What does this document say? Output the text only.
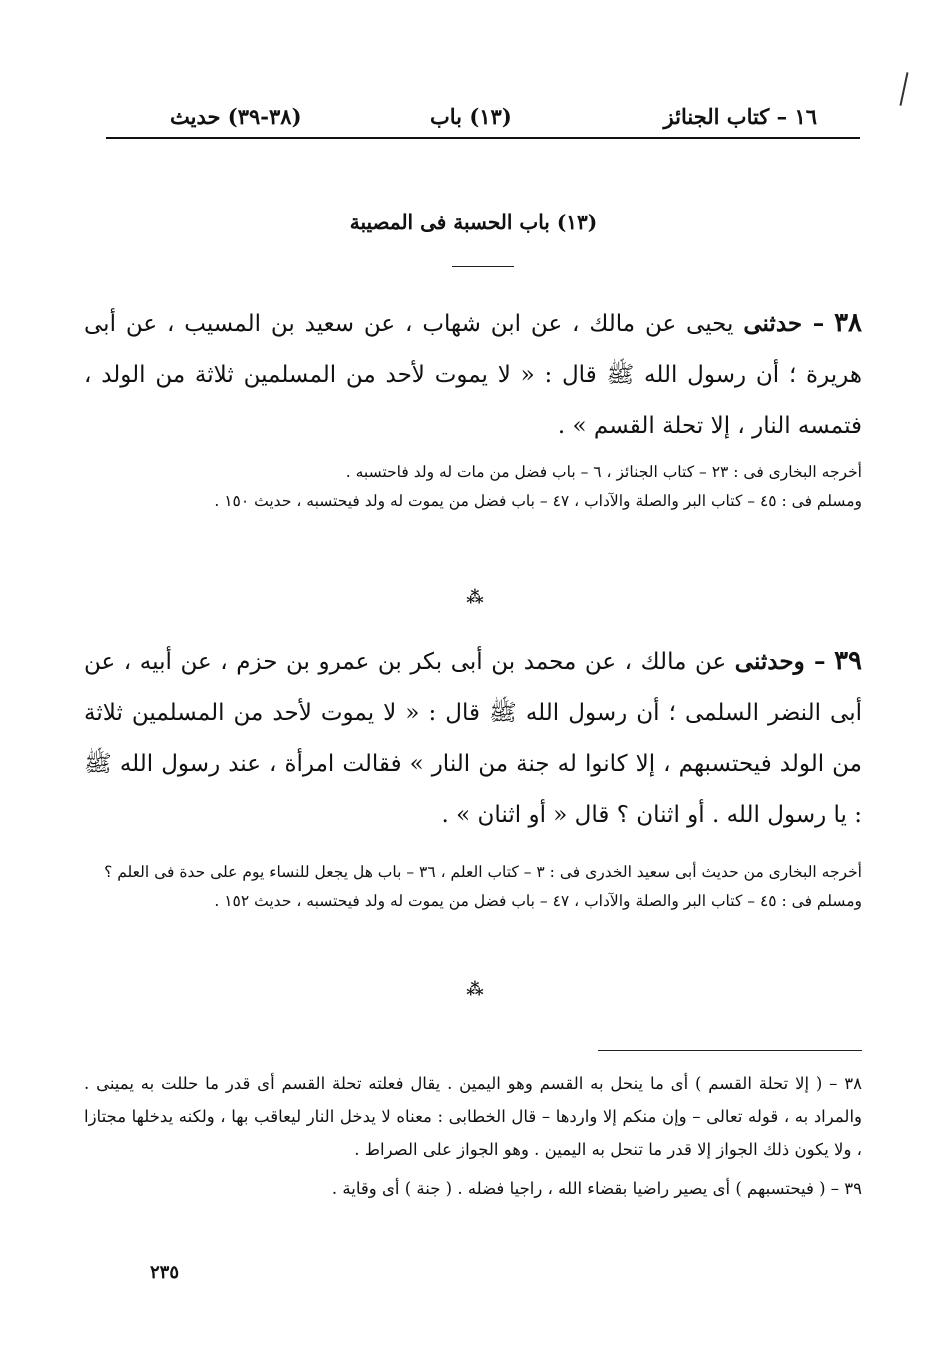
١٦ – كتاب الجنائز
(١٣) باب
(٣٨-٣٩) حديث
(١٣) باب الحسبة فى المصيبة
٣٨ – حدثنى يحيى عن مالك ، عن ابن شهاب ، عن سعيد بن المسيب ، عن أبى هريرة ؛ أن رسول الله ﷺ قال : « لا يموت لأحد من المسلمين ثلاثة من الولد ، فتمسه النار ، إلا تحلة القسم » .
أخرجه البخارى فى : ٢٣ – كتاب الجنائز ، ٦ – باب فضل من مات له ولد فاحتسبه .
ومسلم فى : ٤٥ – كتاب البر والصلة والآداب ، ٤٧ – باب فضل من يموت له ولد فيحتسبه ، حديث ١٥٠ .
⁂
٣٩ – وحدثنى عن مالك ، عن محمد بن أبى بكر بن عمرو بن حزم ، عن أبيه ، عن أبى النضر السلمى ؛ أن رسول الله ﷺ قال : « لا يموت لأحد من المسلمين ثلاثة من الولد فيحتسبهم ، إلا كانوا له جنة من النار » فقالت امرأة ، عند رسول الله ﷺ : يا رسول الله . أو اثنان ؟ قال « أو اثنان » .
أخرجه البخارى من حديث أبى سعيد الخدرى فى : ٣ – كتاب العلم ، ٣٦ – باب هل يجعل للنساء يوم على حدة فى العلم ؟
ومسلم فى : ٤٥ – كتاب البر والصلة والآداب ، ٤٧ – باب فضل من يموت له ولد فيحتسبه ، حديث ١٥٢ .
⁂

٣٨ – ( إلا تحلة القسم ) أى ما ينحل به القسم وهو اليمين . يقال فعلته تحلة القسم أى قدر ما حللت به يمينى . والمراد به ، قوله تعالى – وإن منكم إلا واردها – قال الخطابى : معناه لا يدخل النار ليعاقب بها ، ولكنه يدخلها مجتازا ، ولا يكون ذلك الجواز إلا قدر ما تنحل به اليمين . وهو الجواز على الصراط .

٣٩ – ( فيحتسبهم ) أى يصير راضيا بقضاء الله ، راجيا فضله . ( جنة ) أى وقاية .

٢٣٥
